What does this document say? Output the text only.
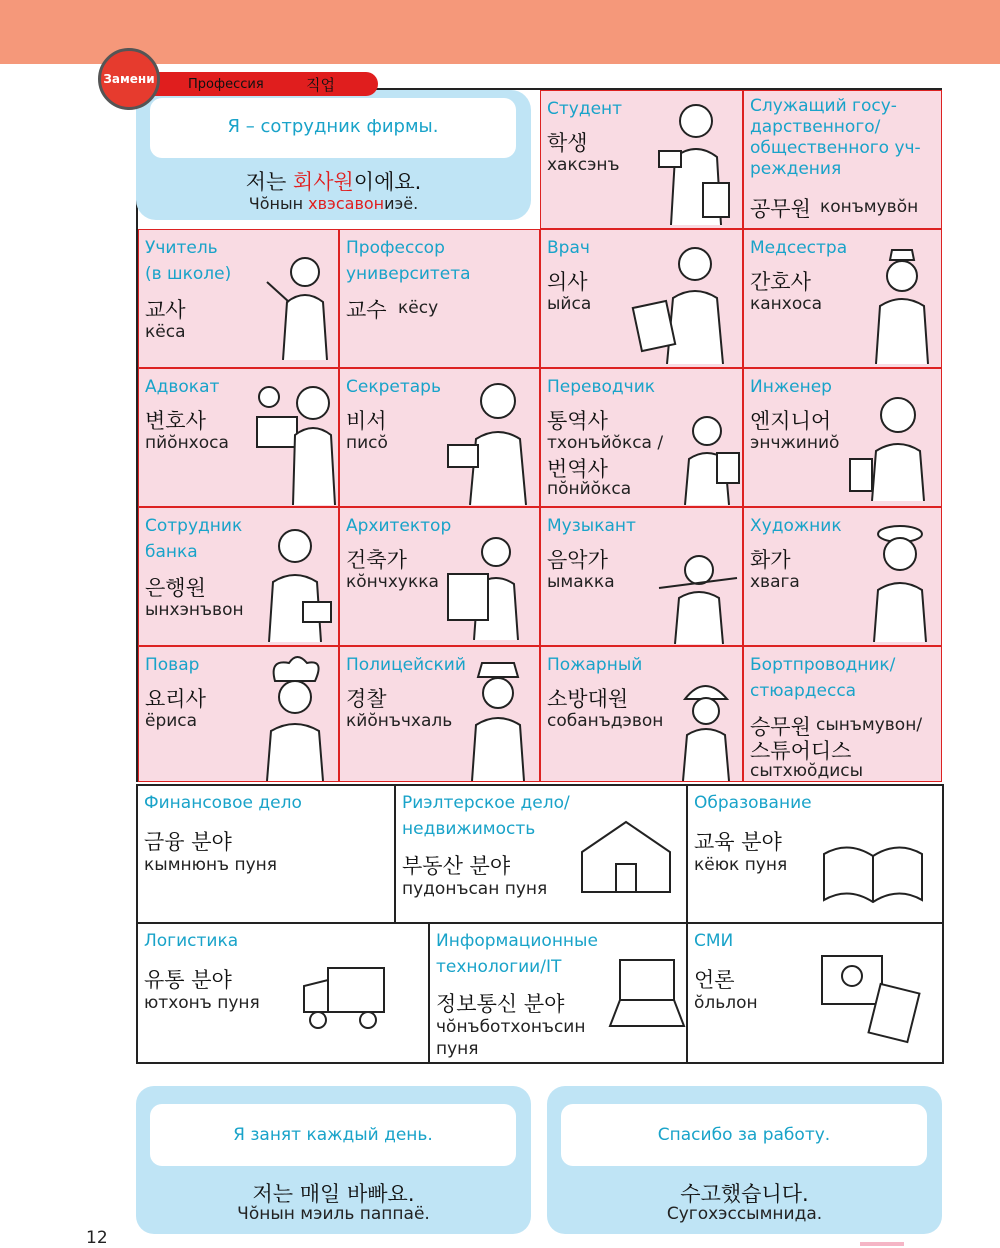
Замени	Профессия	직업
Студент
학생
хаксэнъ
Служащий госу-
дарственного/
общественного уч-
реждения
공무원 конъмуво̆н
Учитель
(в школе)
교사
кёса
Профессор
университета
교수 кёсу
Врач
의사
ыйса
Медсестра
간호사
канхоса
Адвокат
변호사
пйо̆нхоса
Секретарь
비서
писо̆
Переводчик
통역사
тхонъйо̆кса /
번역사
по̆нйо̆кса
Инженер
엔지니어
энчжиниŏ
Сотрудник
банка
은행원
ынхэнъвон
Архитектор
건축가
ко̆нчхукка
Музыкант
음악가
ымакка
Художник
화가
хвага
Повар
요리사
ёриса
Полицейский
경찰
кйо̆нъчхаль
Пожарный
소방대원
собанъдэвон
Бортпроводник/
стюардесса
승무원 сынъмувон/
스튜어디스
сытхюо̆дисы
Я – сотрудник фирмы.
저는 회사원이에요.
Чо̆нын хвэсавониэё.
Финансовое дело
금융 분야
кымнюнъ пуня
Риэлтерское дело/
недвижимость
부동산 분야
пудонъсан пуня
Образование
교육 분야
кёюк пуня
Логистика
유통 분야
ютхонъ пуня
Информационные
технологии/IT
정보통신 분야
чо̆нъботхонъсин
пуня
СМИ
언론
о̆льлон
Я занят каждый день.
저는 매일 바빠요.
Чо̆нын мэиль паппаё.
Спасибо за работу.
수고했습니다.
Сугохэссымнида.
12
